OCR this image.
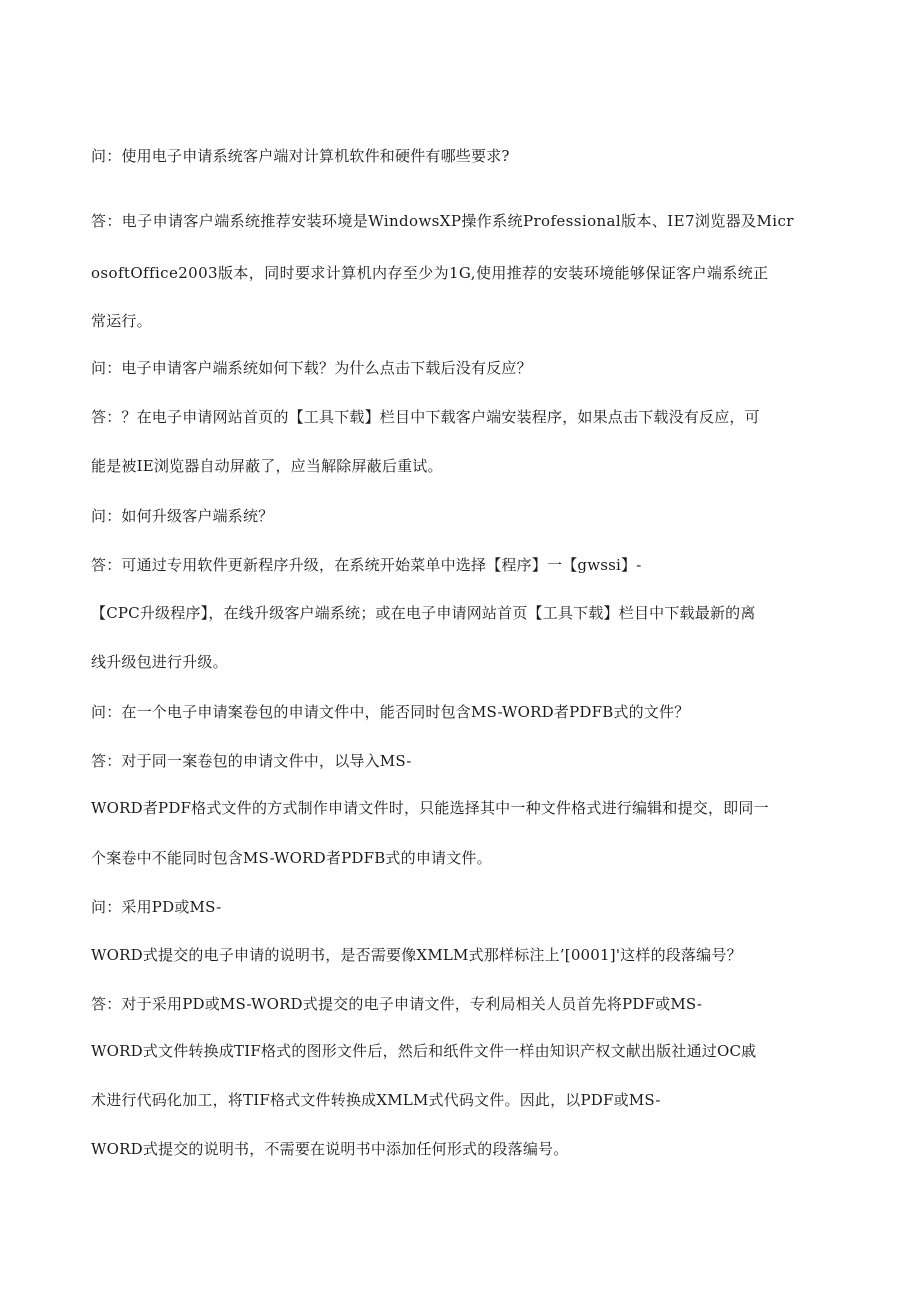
问：使用电子申请系统客户端对计算机软件和硬件有哪些要求?
答：电子申请客户端系统推荐安装环境是WindowsXP操作系统Professional版本、IE7浏览器及Micr
osoftOffice2003版本，同时要求计算机内存至少为1G,使用推荐的安装环境能够保证客户端系统正
常运行。
问：电子申请客户端系统如何下载？为什么点击下载后没有反应？
答：？在电子申请网站首页的【工具下载】栏目中下载客户端安装程序，如果点击下载没有反应，可
能是被IE浏览器自动屏蔽了，应当解除屏蔽后重试。
问：如何升级客户端系统？
答：可通过专用软件更新程序升级，在系统开始菜单中选择【程序】一【gwssi】-
【CPC升级程序】，在线升级客户端系统；或在电子申请网站首页【工具下载】栏目中下载最新的离
线升级包进行升级。
问：在一个电子申请案卷包的申请文件中，能否同时包含MS-WORD者PDFB式的文件？
答：对于同一案卷包的申请文件中，以导入MS-
WORD者PDF格式文件的方式制作申请文件时，只能选择其中一种文件格式进行编辑和提交，即同一
个案卷中不能同时包含MS-WORD者PDFB式的申请文件。
问：采用PD或MS-
WORD式提交的电子申请的说明书，是否需要像XMLM式那样标注上’[0001]'这样的段落编号？
答：对于采用PD或MS-WORD式提交的电子申请文件，专利局相关人员首先将PDF或MS-
WORD式文件转换成TIF格式的图形文件后，然后和纸件文件一样由知识产权文献出版社通过OC戚
术进行代码化加工，将TIF格式文件转换成XMLM式代码文件。因此，以PDF或MS-
WORD式提交的说明书，不需要在说明书中添加任何形式的段落编号。
